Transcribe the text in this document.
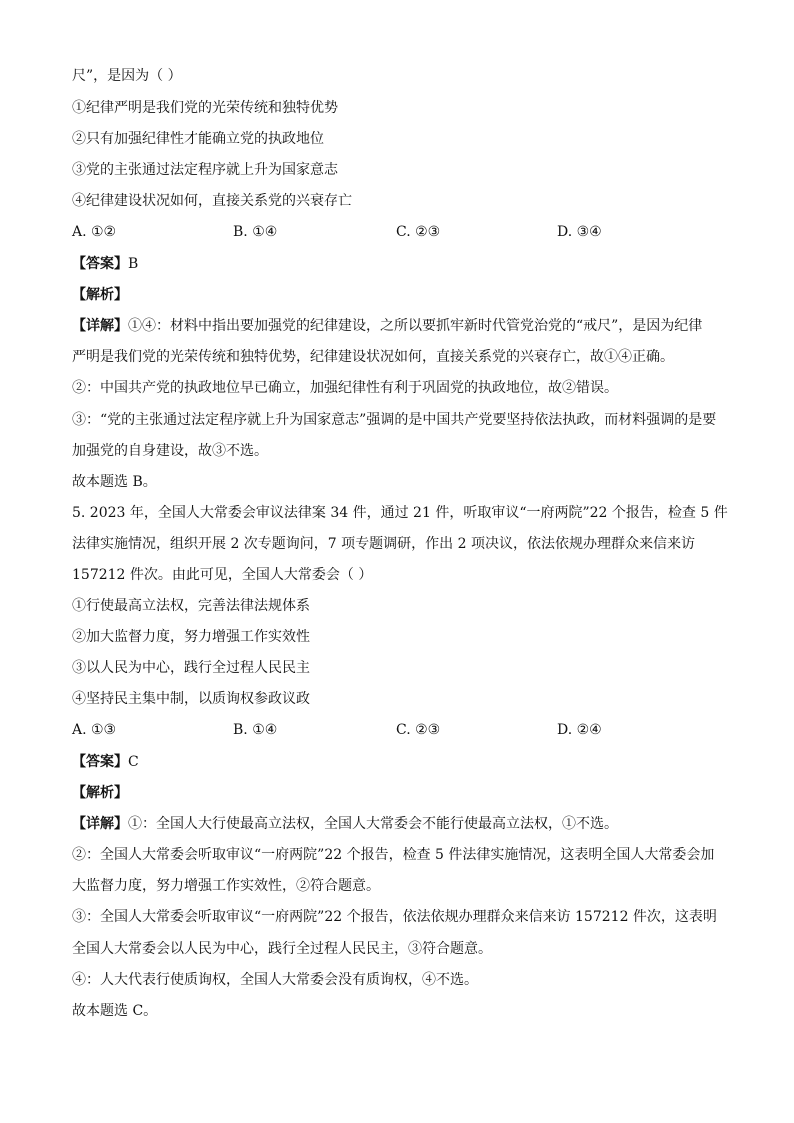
尺”，是因为（ ）
①纪律严明是我们党的光荣传统和独特优势
②只有加强纪律性才能确立党的执政地位
③党的主张通过法定程序就上升为国家意志
④纪律建设状况如何，直接关系党的兴衰存亡
A. ①②	B. ①④	C. ②③	D. ③④
【答案】B
【解析】
【详解】①④：材料中指出要加强党的纪律建设，之所以要抓牢新时代管党治党的“戒尺”，是因为纪律
严明是我们党的光荣传统和独特优势，纪律建设状况如何，直接关系党的兴衰存亡，故①④正确。
②：中国共产党的执政地位早已确立，加强纪律性有利于巩固党的执政地位，故②错误。
③：“党的主张通过法定程序就上升为国家意志”强调的是中国共产党要坚持依法执政，而材料强调的是要
加强党的自身建设，故③不选。
故本题选 B。
5. 2023 年，全国人大常委会审议法律案 34 件，通过 21 件，听取审议“一府两院”22 个报告，检查 5 件
法律实施情况，组织开展 2 次专题询问，7 项专题调研，作出 2 项决议，依法依规办理群众来信来访
157212 件次。由此可见，全国人大常委会（ ）
①行使最高立法权，完善法律法规体系
②加大监督力度，努力增强工作实效性
③以人民为中心，践行全过程人民民主
④坚持民主集中制，以质询权参政议政
A. ①③	B. ①④	C. ②③	D. ②④
【答案】C
【解析】
【详解】①：全国人大行使最高立法权，全国人大常委会不能行使最高立法权，①不选。
②：全国人大常委会听取审议“一府两院”22 个报告，检查 5 件法律实施情况，这表明全国人大常委会加
大监督力度，努力增强工作实效性，②符合题意。
③：全国人大常委会听取审议“一府两院”22 个报告，依法依规办理群众来信来访 157212 件次，这表明
全国人大常委会以人民为中心，践行全过程人民民主，③符合题意。
④：人大代表行使质询权，全国人大常委会没有质询权，④不选。
故本题选 C。
